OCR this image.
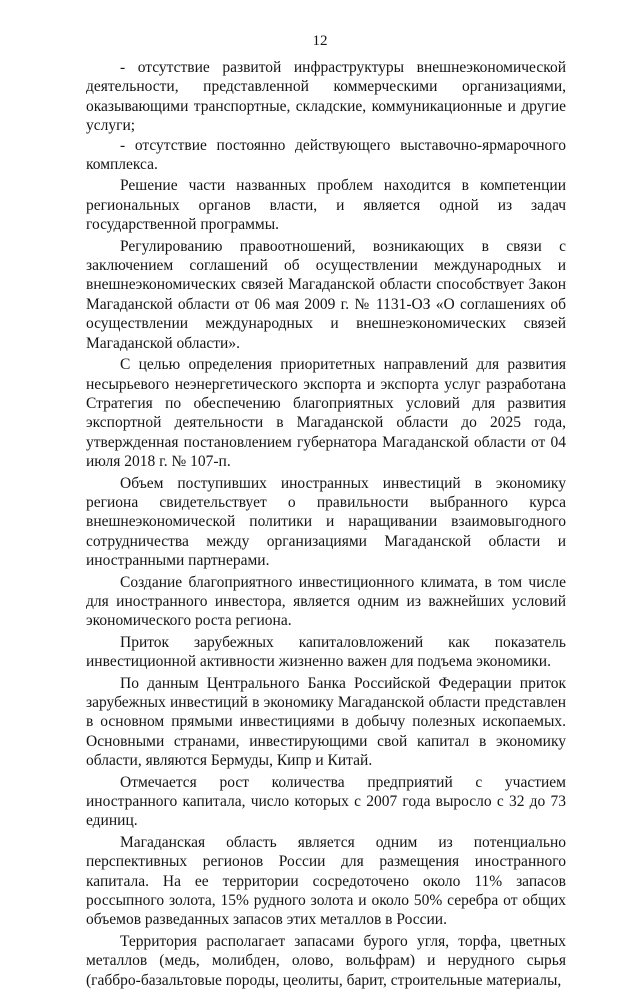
12

- отсутствие развитой инфраструктуры внешнеэкономической деятельности, представленной коммерческими организациями, оказывающими транспортные, складские, коммуникационные и другие услуги;

- отсутствие постоянно действующего выставочно-ярмарочного комплекса.

Решение части названных проблем находится в компетенции региональных органов власти, и является одной из задач государственной программы.

Регулированию правоотношений, возникающих в связи с заключением соглашений об осуществлении международных и внешнеэкономических связей Магаданской области способствует Закон Магаданской области от 06 мая 2009 г. № 1131-ОЗ «О соглашениях об осуществлении международных и внешнеэкономических связей Магаданской области».

С целью определения приоритетных направлений для развития несырьевого неэнергетического экспорта и экспорта услуг разработана Стратегия по обеспечению благоприятных условий для развития экспортной деятельности в Магаданской области до 2025 года, утвержденная постановлением губернатора Магаданской области от 04 июля 2018 г. № 107-п.

Объем поступивших иностранных инвестиций в экономику региона свидетельствует о правильности выбранного курса внешнеэкономической политики и наращивании взаимовыгодного сотрудничества между организациями Магаданской области и иностранными партнерами.

Создание благоприятного инвестиционного климата, в том числе для иностранного инвестора, является одним из важнейших условий экономического роста региона.

Приток зарубежных капиталовложений как показатель инвестиционной активности жизненно важен для подъема экономики.

По данным Центрального Банка Российской Федерации приток зарубежных инвестиций в экономику Магаданской области представлен в основном прямыми инвестициями в добычу полезных ископаемых. Основными странами, инвестирующими свой капитал в экономику области, являются Бермуды, Кипр и Китай.

Отмечается рост количества предприятий с участием иностранного капитала, число которых с 2007 года выросло с 32 до 73 единиц.

Магаданская область является одним из потенциально перспективных регионов России для размещения иностранного капитала. На ее территории сосредоточено около 11% запасов россыпного золота, 15% рудного золота и около 50% серебра от общих объемов разведанных запасов этих металлов в России.

Территория располагает запасами бурого угля, торфа, цветных металлов (медь, молибден, олово, вольфрам) и нерудного сырья (габбро-базальтовые породы, цеолиты, барит, строительные материалы,
